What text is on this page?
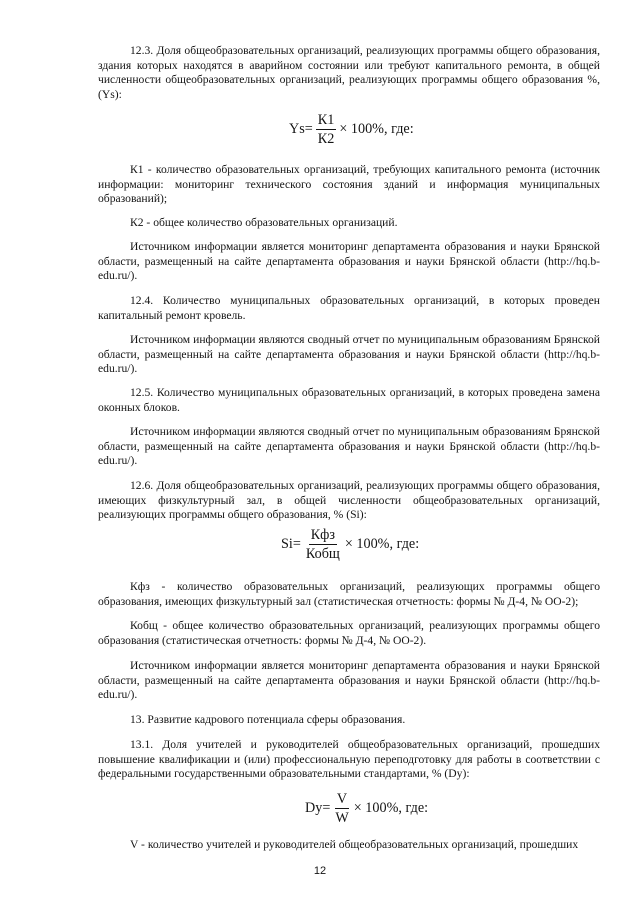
12.3. Доля общеобразовательных организаций, реализующих программы общего образования, здания которых находятся в аварийном состоянии или требуют капитального ремонта, в общей численности общеобразовательных организаций, реализующих программы общего образования %, (Ys):

$Ys= \frac{К1}{К2} \times 100\%$, где:

К1 - количество образовательных организаций, требующих капитального ремонта (источник информации: мониторинг технического состояния зданий и информация муниципальных образований);

К2 - общее количество образовательных организаций.

Источником информации является мониторинг департамента образования и науки Брянской области, размещенный на сайте департамента образования и науки Брянской области (http://hq.b-edu.ru/).

12.4. Количество муниципальных образовательных организаций, в которых проведен капитальный ремонт кровель.

Источником информации являются сводный отчет по муниципальным образованиям Брянской области, размещенный на сайте департамента образования и науки Брянской области (http://hq.b-edu.ru/).

12.5. Количество муниципальных образовательных организаций, в которых проведена замена оконных блоков.

Источником информации являются сводный отчет по муниципальным образованиям Брянской области, размещенный на сайте департамента образования и науки Брянской области (http://hq.b-edu.ru/).

12.6. Доля общеобразовательных организаций, реализующих программы общего образования, имеющих физкультурный зал, в общей численности общеобразовательных организаций, реализующих программы общего образования, % (Si):

$Si= \frac{\text{Кфз}}{\text{Кобщ}} \times 100\%$, где:

Кфз - количество образовательных организаций, реализующих программы общего образования, имеющих физкультурный зал (статистическая отчетность: формы № Д-4, № ОО-2);

Кобщ - общее количество образовательных организаций, реализующих программы общего образования (статистическая отчетность: формы № Д-4, № ОО-2).

Источником информации является мониторинг департамента образования и науки Брянской области, размещенный на сайте департамента образования и науки Брянской области (http://hq.b-edu.ru/).

13. Развитие кадрового потенциала сферы образования.

13.1. Доля учителей и руководителей общеобразовательных организаций, прошедших повышение квалификации и (или) профессиональную переподготовку для работы в соответствии с федеральными государственными образовательными стандартами, % (Dy):

$Dy= \frac{V}{W} \times 100\%$, где:

V - количество учителей и руководителей общеобразовательных организаций, прошедших

12
